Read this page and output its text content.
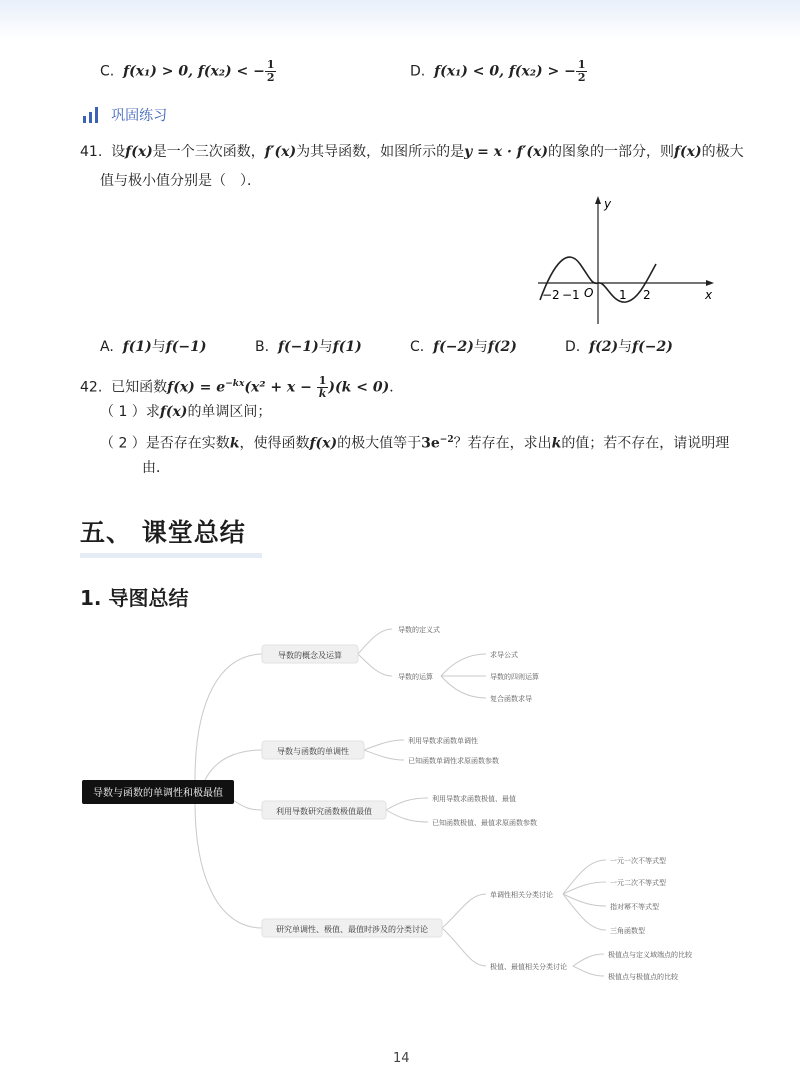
C. f(x₁) > 0, f(x₂) < − $\frac{1}{2}$	D. f(x₁) < 0, f(x₂) > − $\frac{1}{2}$
巩固练习
41. 设f(x)是一个三次函数，f′(x)为其导函数，如图所示的是y = x · f′(x)的图象的一部分，则f(x)的极大
值与极小值分别是（　）．
x
y
O
−2 −1	1 2
A. f(1)与f(−1)	B. f(−1)与f(1)	C. f(−2)与f(2)	D. f(2)与f(−2)
42. 已知函数$f(x) = e^{-kx}(x^2 + x - \frac{1}{k} )(k < 0)$．
（ 1 ）求f(x)的单调区间；
（ 2 ）是否存在实数k，使得函数f(x)的极大值等于$3e^{-2}$？若存在，求出k的值；若不存在，请说明理
由．
五、 课堂总结
1. 导图总结
导数与函数的单调性和极最值
导数的概念及运算
导数与函数的单调性
利用导数研究函数极值最值
研究单调性、极值、最值时涉及的分类讨论
导数的定义式
导数的运算
求导公式
导数的四则运算
复合函数求导
利用导数求函数单调性
已知函数单调性求原函数参数
利用导数求函数极值、最值
已知函数极值、最值求原函数参数
单调性相关分类讨论
极值、最值相关分类讨论
一元一次不等式型
一元二次不等式型
指对幂不等式型
三角函数型
极值点与定义域端点的比较
极值点与极值点的比较
14
